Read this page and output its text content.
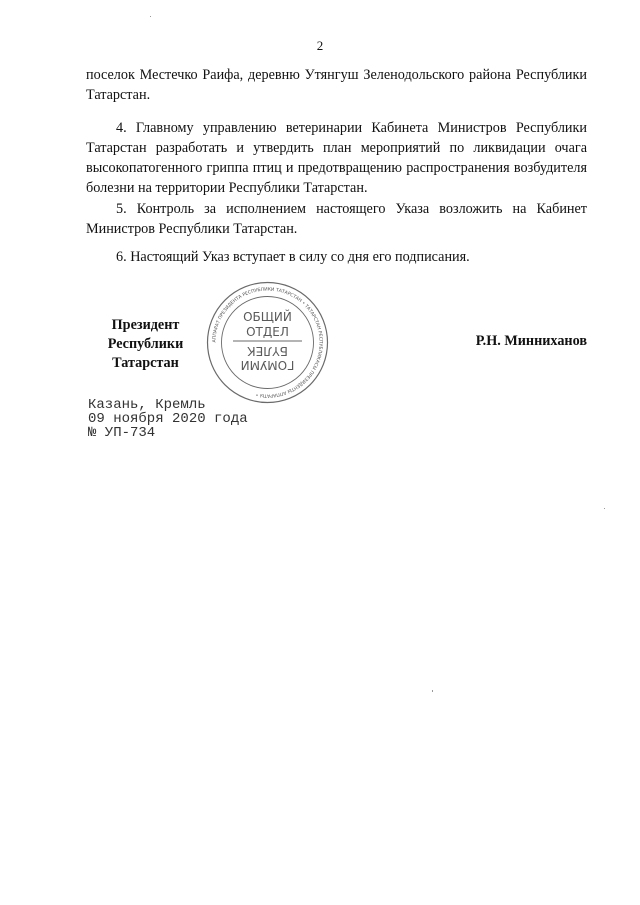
2

поселок Местечко Раифа, деревню Утянгуш Зеленодольского района Республики Татарстан.

4. Главному управлению ветеринарии Кабинета Министров Республики Татарстан разработать и утвердить план мероприятий по ликвидации очага высокопатогенного гриппа птиц и предотвращению распространения возбудителя болезни на территории Республики Татарстан.

5. Контроль за исполнением настоящего Указа возложить на Кабинет Министров Республики Татарстан.

6. Настоящий Указ вступает в силу со дня его подписания.

АППАРАТ ПРЕЗИДЕНТА РЕСПУБЛИКИ ТАТАРСТАН • ТАТАРСТАН РЕСПУБЛИКАСЫ ПРЕЗИДЕНТЫ АППАРАТЫ •
ОБЩИЙ
ОТДЕЛ
ГОМУМИ
БҮЛЕК
Президент
Республики Татарстан
Р.Н. Минниханов
Казань, Кремль
09 ноября 2020 года
№ УП-734
